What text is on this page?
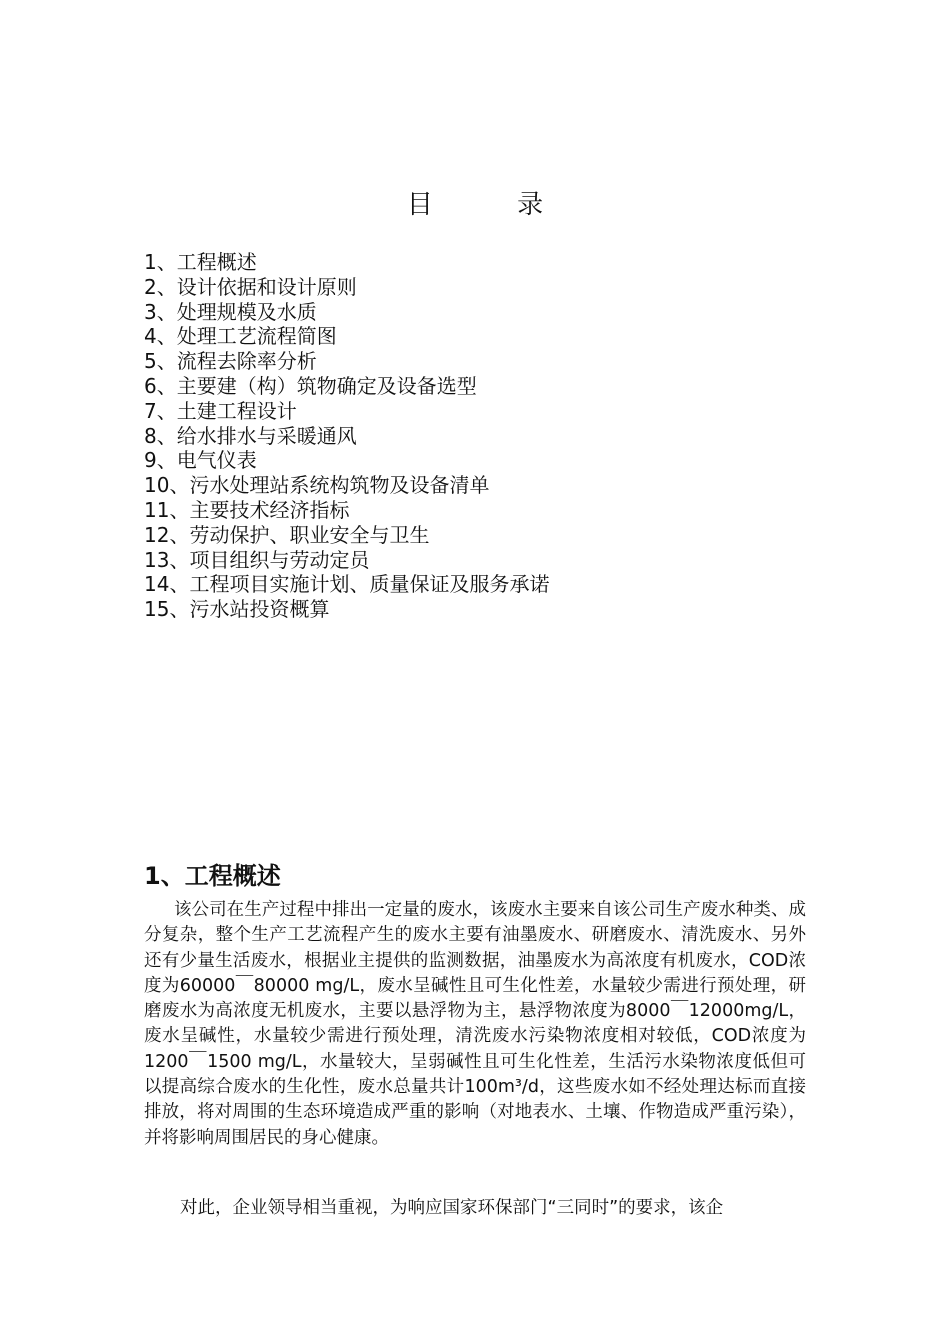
目 录
1、工程概述
2、设计依据和设计原则
3、处理规模及水质
4、处理工艺流程简图
5、流程去除率分析
6、主要建（构）筑物确定及设备选型
7、土建工程设计
8、给水排水与采暖通风
9、电气仪表
10、污水处理站系统构筑物及设备清单
11、主要技术经济指标
12、劳动保护、职业安全与卫生
13、项目组织与劳动定员
14、工程项目实施计划、质量保证及服务承诺
15、污水站投资概算
1、工程概述

该公司在生产过程中排出一定量的废水，该废水主要来自该公司生产废水种类、成分复杂，整个生产工艺流程产生的废水主要有油墨废水、研磨废水、清洗废水、另外还有少量生活废水，根据业主提供的监测数据，油墨废水为高浓度有机废水，COD浓度为60000￣80000 mg/L，废水呈碱性且可生化性差，水量较少需进行预处理，研磨废水为高浓度无机废水，主要以悬浮物为主，悬浮物浓度为8000￣12000mg/L，废水呈碱性，水量较少需进行预处理，清洗废水污染物浓度相对较低，COD浓度为1200￣1500 mg/L，水量较大，呈弱碱性且可生化性差，生活污水染物浓度低但可以提高综合废水的生化性，废水总量共计100m³/d，这些废水如不经处理达标而直接排放，将对周围的生态环境造成严重的影响（对地表水、土壤、作物造成严重污染），并将影响周围居民的身心健康。

对此，企业领导相当重视，为响应国家环保部门“三同时”的要求，该企
